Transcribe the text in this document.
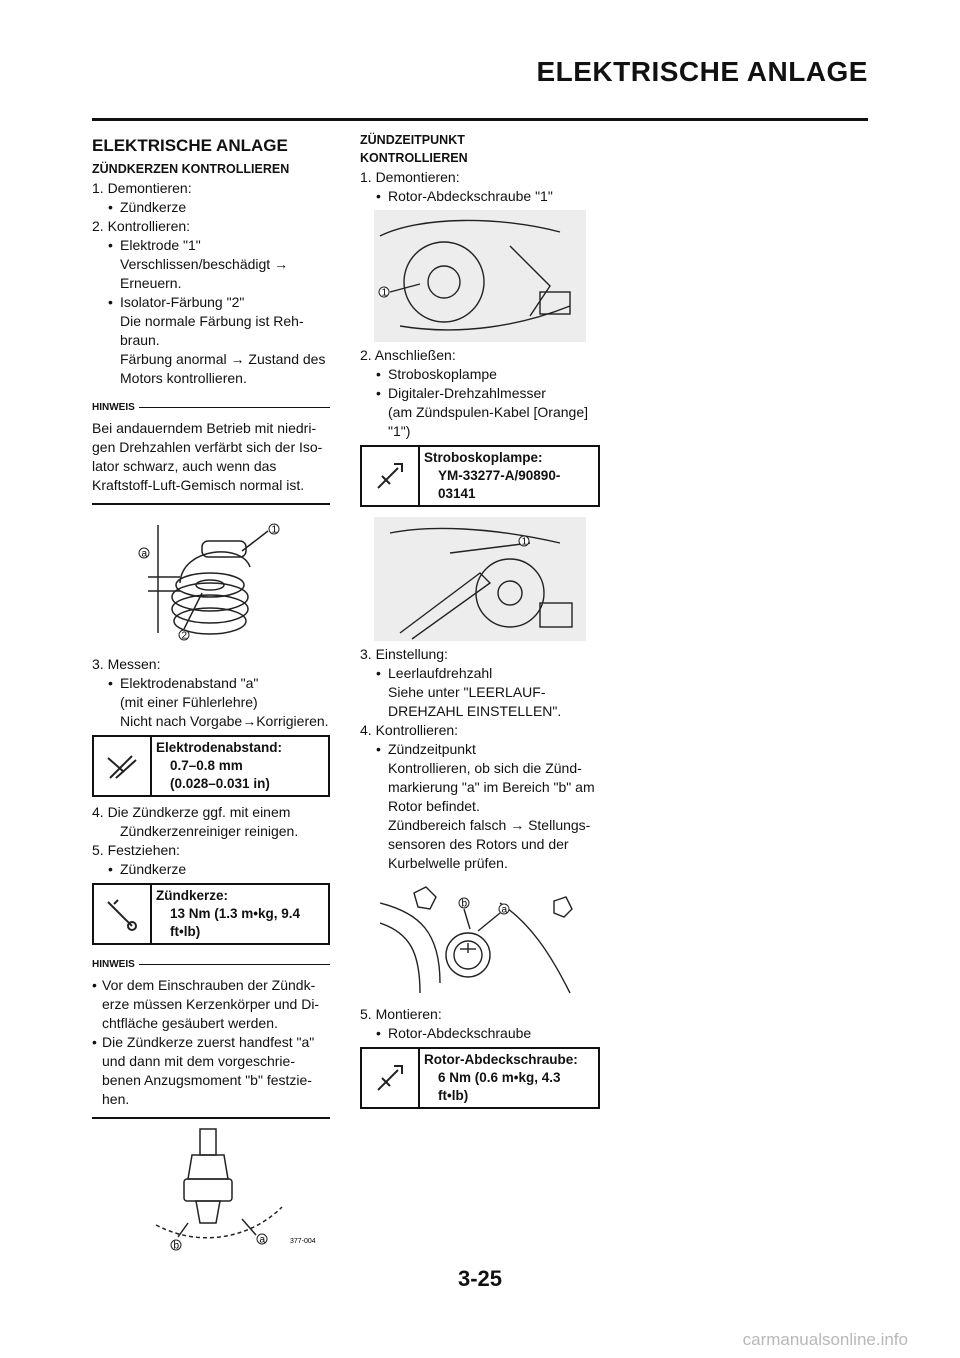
ELEKTRISCHE ANLAGE
ELEKTRISCHE ANLAGE
ZÜNDKERZEN KONTROLLIEREN
1. Demontieren:
• Zündkerze
2. Kontrollieren:
• Elektrode "1"
Verschlissen/beschädigt →
Erneuern.
• Isolator-Färbung "2"
Die normale Färbung ist Reh-
braun.
Färbung anormal → Zustand des
Motors kontrollieren.
HINWEIS
Bei andauerndem Betrieb mit niedri-
gen Drehzahlen verfärbt sich der Iso-
lator schwarz, auch wenn das
Kraftstoff-Luft-Gemisch normal ist.
a
1
2
3. Messen:
• Elektrodenabstand "a"
(mit einer Fühlerlehre)
Nicht nach Vorgabe→Korrigieren.
Elektrodenabstand:
0.7–0.8 mm
(0.028–0.031 in)
4. Die Zündkerze ggf. mit einem
Zündkerzenreiniger reinigen.
5. Festziehen:
• Zündkerze
Zündkerze:
13 Nm (1.3 m•kg, 9.4
ft•lb)
HINWEIS
• Vor dem Einschrauben der Zündk-
erze müssen Kerzenkörper und Di-
chtfläche gesäubert werden.
• Die Zündkerze zuerst handfest "a"
und dann mit dem vorgeschrie-
benen Anzugsmoment "b" festzie-
hen.
a
b	377-004
ZÜNDZEITPUNKT
KONTROLLIEREN
1. Demontieren:
• Rotor-Abdeckschraube "1"
1
2. Anschließen:
• Stroboskoplampe
• Digitaler-Drehzahlmesser
(am Zündspulen-Kabel [Orange]
"1")
Stroboskoplampe:
YM-33277-A/90890-
03141
1
3. Einstellung:
• Leerlaufdrehzahl
Siehe unter "LEERLAUF-
DREHZAHL EINSTELLEN".
4. Kontrollieren:
• Zündzeitpunkt
Kontrollieren, ob sich die Zünd-
markierung "a" im Bereich "b" am
Rotor befindet.
Zündbereich falsch → Stellungs-
sensoren des Rotors und der
Kurbelwelle prüfen.
b
a
5. Montieren:
• Rotor-Abdeckschraube
Rotor-Abdeckschraube:
6 Nm (0.6 m•kg, 4.3
ft•lb)
3-25
carmanualsonline.info
